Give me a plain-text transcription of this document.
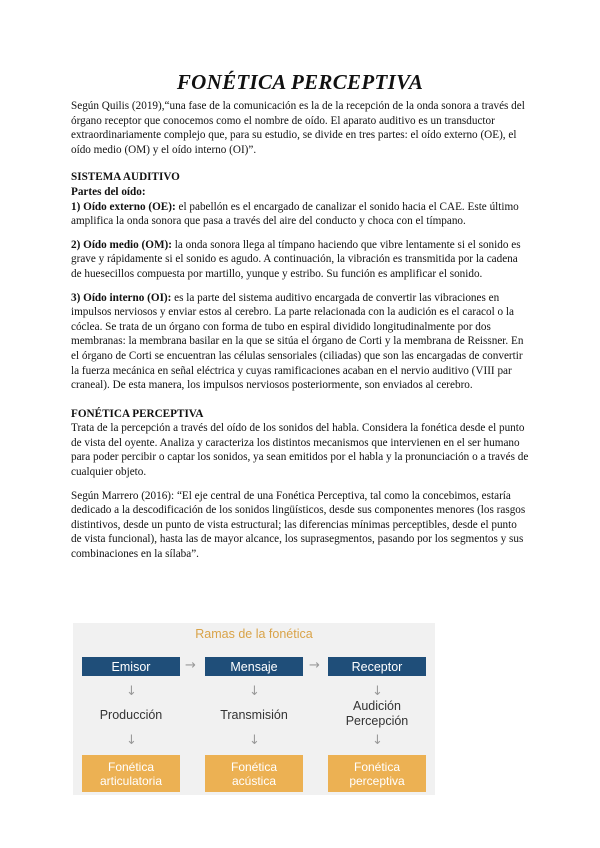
FONÉTICA PERCEPTIVA

Según Quilis (2019),“una fase de la comunicación es la de la recepción de la onda sonora a través del órgano receptor que conocemos como el nombre de oído. El aparato auditivo es un transductor extraordinariamente complejo que, para su estudio, se divide en tres partes: el oído externo (OE), el oído medio (OM) y el oído interno (OI)”.

SISTEMA AUDITIVO

Partes del oído:

1) Oído externo (OE): el pabellón es el encargado de canalizar el sonido hacia el CAE. Este último amplifica la onda sonora que pasa a través del aire del conducto y choca con el tímpano.

2) Oído medio (OM): la onda sonora llega al tímpano haciendo que vibre lentamente si el sonido es grave y rápidamente si el sonido es agudo. A continuación, la vibración es transmitida por la cadena de huesecillos compuesta por martillo, yunque y estribo. Su función es amplificar el sonido.

3) Oído interno (OI): es la parte del sistema auditivo encargada de convertir las vibraciones en impulsos nerviosos y enviar estos al cerebro. La parte relacionada con la audición es el caracol o la cóclea. Se trata de un órgano con forma de tubo en espiral dividido longitudinalmente por dos membranas: la membrana basilar en la que se sitúa el órgano de Corti y la membrana de Reissner. En el órgano de Corti se encuentran las células sensoriales (ciliadas) que son las encargadas de convertir la fuerza mecánica en señal eléctrica y cuyas ramificaciones acaban en el nervio auditivo (VIII par craneal). De esta manera, los impulsos nerviosos posteriormente, son enviados al cerebro.

FONÉTICA PERCEPTIVA

Trata de la percepción a través del oído de los sonidos del habla. Considera la fonética desde el punto de vista del oyente. Analiza y caracteriza los distintos mecanismos que intervienen en el ser humano para poder percibir o captar los sonidos, ya sean emitidos por el habla y la pronunciación o a través de cualquier objeto.

Según Marrero (2016): “El eje central de una Fonética Perceptiva, tal como la concebimos, estaría dedicado a la descodificación de los sonidos lingüísticos, desde sus componentes menores (los rasgos distintivos, desde un punto de vista estructural; las diferencias mínimas perceptibles, desde el punto de vista funcional), hasta las de mayor alcance, los suprasegmentos, pasando por los segmentos y sus combinaciones en la sílaba”.

Ramas de la fonética
Emisor	Mensaje	Receptor
→	→
↓	↓	↓
Producción	Transmisión
Audición
Percepción
↓	↓	↓
Fonética
articulatoria
Fonética
acústica
Fonética
perceptiva
